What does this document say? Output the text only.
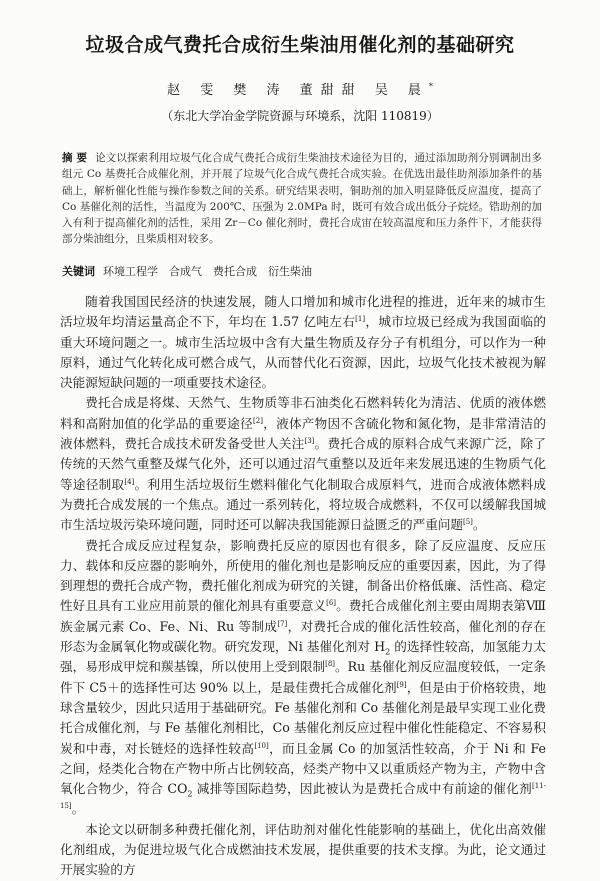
垃圾合成气费托合成衍生柴油用催化剂的基础研究
赵 雯 樊 涛 董甜甜 吴 晨*
（东北大学冶金学院资源与环境系，沈阳 110819）
摘 要 论文以探索利用垃圾气化合成气费托合成衍生柴油技术途径为目的，通过添加助剂分别调制出多组元 Co 基费托合成催化剂，并开展了垃圾气化合成气费托合成实验。在优选出最佳助剂添加条件的基础上，解析催化性能与操作参数之间的关系。研究结果表明，铜助剂的加入明显降低反应温度，提高了 Co 基催化剂的活性，当温度为 200℃、压强为 2.0MPa 时，既可有效合成出低分子烷烃。锆助剂的加入有利于提高催化剂的活性，采用 Zr－Co 催化剂时，费托合成宙在较高温度和压力条件下，才能获得部分柴油组分，且柴质相对较多。
关键词 环境工程学　合成气　费托合成　衍生柴油

随着我国国民经济的快速发展，随人口增加和城市化进程的推进，近年来的城市生活垃圾年均清运量高企不下，年均在 1.57 亿吨左右[1]，城市垃圾已经成为我国面临的重大环境问题之一。城市生活垃圾中含有大量生物质及存分子有机组分，可以作为一种原料，通过气化转化成可燃合成气，从而替代化石资源，因此，垃圾气化技术被视为解决能源短缺问题的一项重要技术途径。

费托合成是将煤、天然气、生物质等非石油类化石燃料转化为清洁、优质的液体燃料和高附加值的化学品的重要途径[2]，液体产物因不含硫化物和氮化物，是非常清洁的液体燃料，费托合成技术研发备受世人关注[3]。费托合成的原料合成气来源广泛，除了传统的天然气重整及煤气化外，还可以通过沼气重整以及近年来发展迅速的生物质气化等途径制取[4]。利用生活垃圾衍生燃料催化气化制取合成原料气，进而合成液体燃料成为费托合成发展的一个焦点。通过一系列转化，将垃圾合成燃料，不仅可以缓解我国城市生活垃圾污染环境问题，同时还可以解决我国能源日益匮乏的严重问题[5]。

费托合成反应过程复杂，影响费托反应的原因也有很多，除了反应温度、反应压力、载体和反应器的影响外，所使用的催化剂也是影响反应的重要因素，因此，为了得到理想的费托合成产物，费托催化剂成为研究的关键，制备出价格低廉、活性高、稳定性好且具有工业应用前景的催化剂具有重要意义[6]。费托合成催化剂主要由周期表第Ⅷ族金属元素 Co、Fe、Ni、Ru 等制成[7]，对费托合成的催化活性较高，催化剂的存在形态为金属氧化物或碳化物。研究发现，Ni 基催化剂对 $H_2$ 的选择性较高，加氢能力太强，易形成甲烷和羰基镍，所以使用上受到限制[8]。Ru 基催化剂反应温度较低，一定条件下 C5＋的选择性可达 90% 以上，是最佳费托合成催化剂[9]，但是由于价格较贵，地球含量较少，因此只适用于基础研究。Fe 基催化剂和 Co 基催化剂是最早实现工业化费托合成催化剂，与 Fe 基催化剂相比，Co 基催化剂反应过程中催化性能稳定、不容易积炭和中毒，对长链烃的选择性较高[10]，而且金属 Co 的加氢活性较高，介于 Ni 和 Fe 之间，烃类化合物在产物中所占比例较高，烃类产物中又以重质烃产物为主，产物中含氧化合物少，符合 $CO_2$ 减排等国际趋势，因此被认为是费托合成中有前途的催化剂[11-15]。

本论文以研制多种费托催化剂，评估助剂对催化性能影响的基础上，优化出高效催化剂组成，为促进垃圾气化合成燃油技术发展，提供重要的技术支撑。为此，论文通过开展实验的方
